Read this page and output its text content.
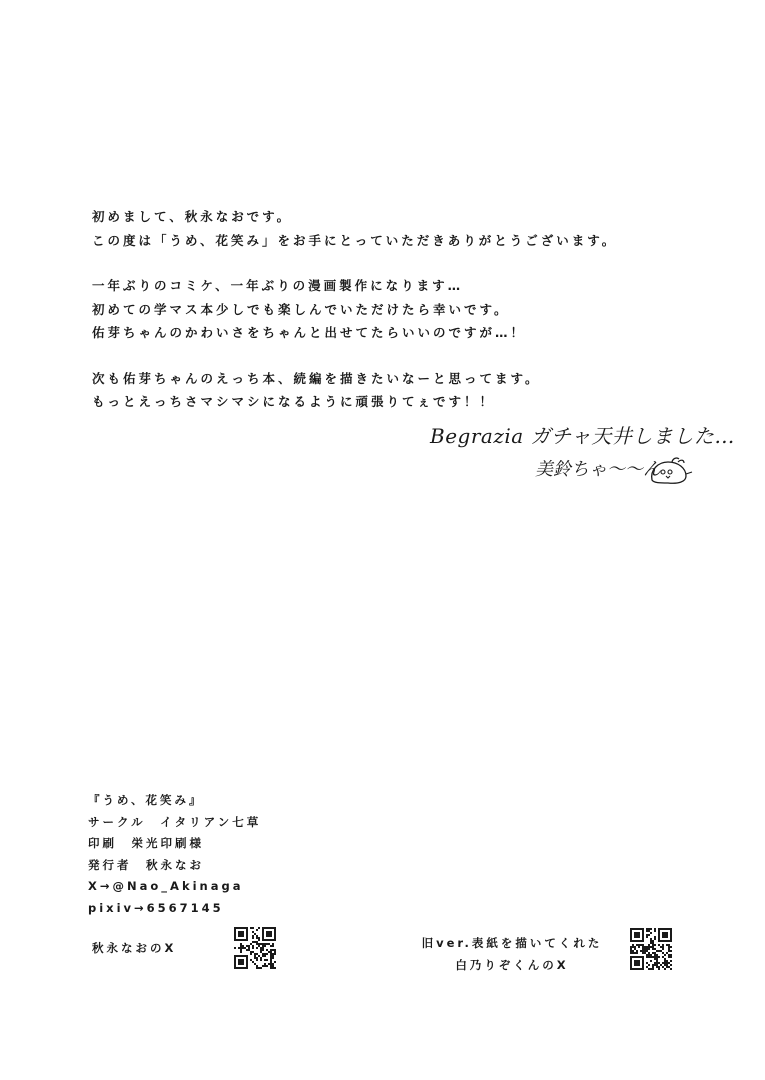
初めまして、秋永なおです。
この度は「うめ、花笑み」をお手にとっていただきありがとうございます。
一年ぶりのコミケ、一年ぶりの漫画製作になります…
初めての学マス本少しでも楽しんでいただけたら幸いです。
佑芽ちゃんのかわいさをちゃんと出せてたらいいのですが…！
次も佑芽ちゃんのえっち本、続編を描きたいなーと思ってます。
もっとえっちさマシマシになるように頑張りてぇです！！
Begrazia ガチャ天井しました…
美鈴ちゃ〜〜ん
『うめ、花笑み』
サークル　イタリアン七草
印刷　栄光印刷様
発行者　秋永なお
X→@Nao_Akinaga
pixiv→6567145
秋永なおのX	旧ver.表紙を描いてくれた
白乃りぞくんのX
